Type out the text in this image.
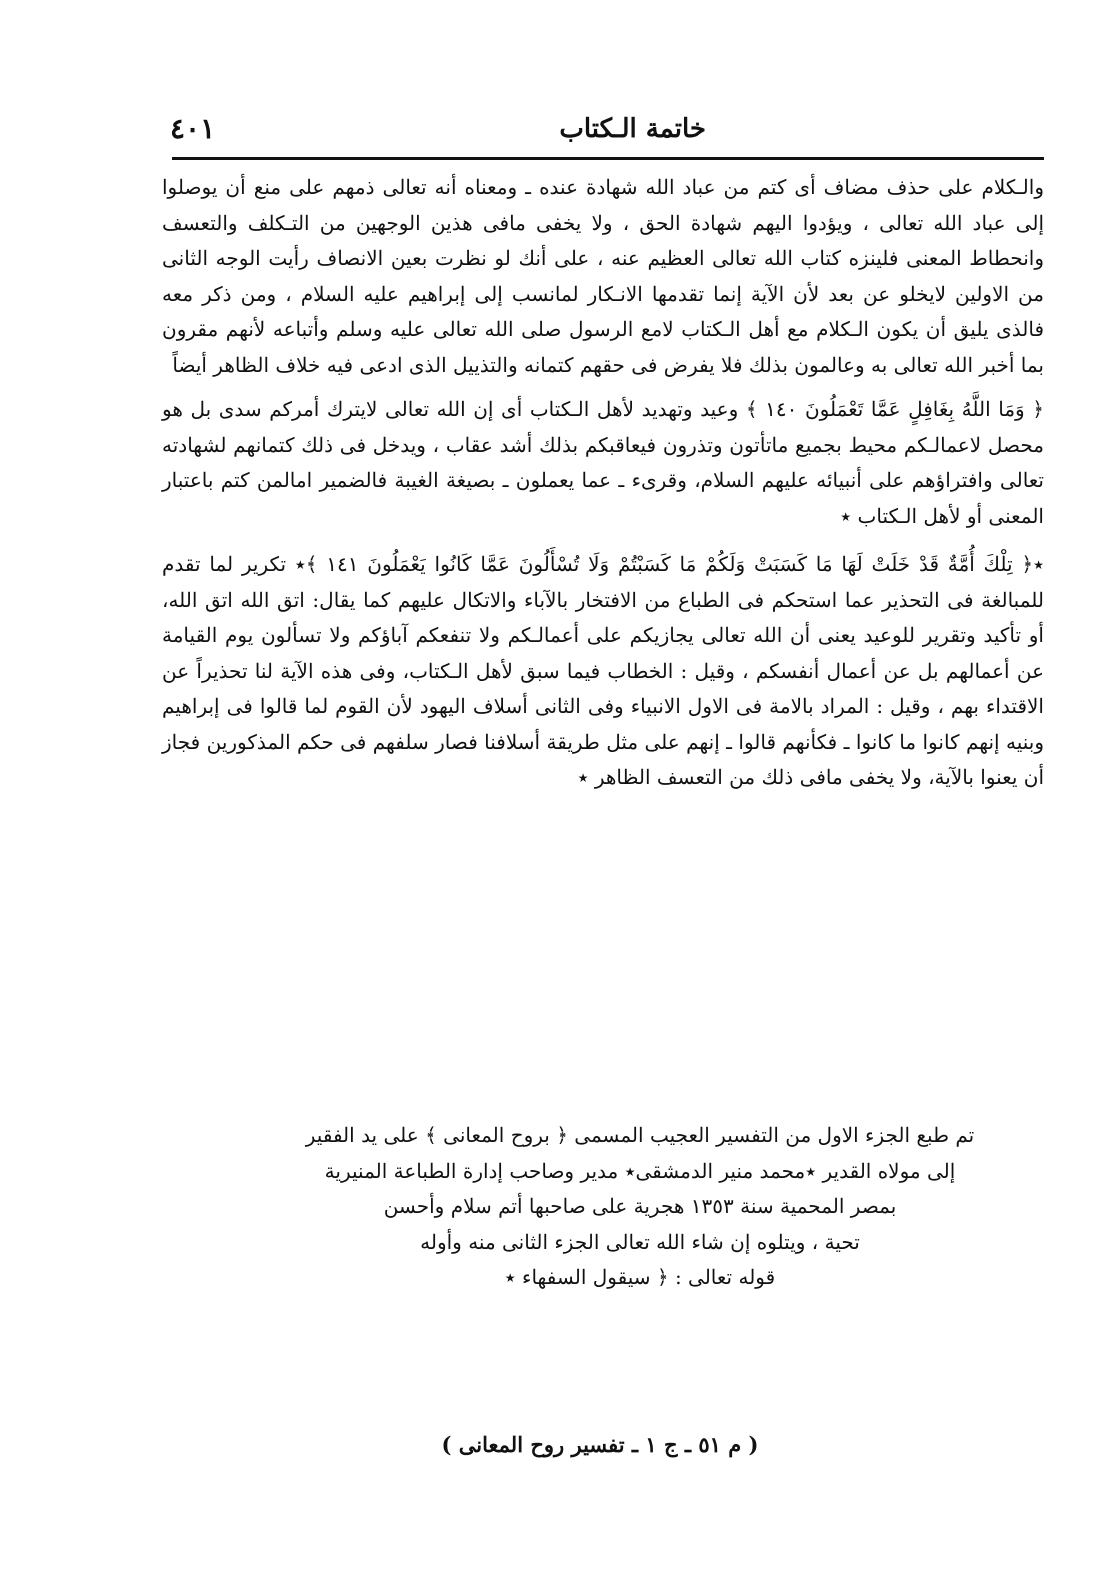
خاتمة الـكتاب
٤٠١

والـكلام على حذف مضاف أى كتم من عباد الله شهادة عنده ـ ومعناه أنه تعالى ذمهم على منع أن يوصلوا إلى عباد الله تعالى ، ويؤدوا اليهم شهادة الحق ، ولا يخفى مافى هذين الوجهين من التـكلف والتعسف وانحطاط المعنى فلينزه كتاب الله تعالى العظيم عنه ، على أنك لو نظرت بعين الانصاف رأيت الوجه الثانى من الاولين لايخلو عن بعد لأن الآية إنما تقدمها الانـكار لمانسب إلى إبراهيم عليه السلام ، ومن ذكر معه فالذى يليق أن يكون الـكلام مع أهل الـكتاب لامع الرسول صلى الله تعالى عليه وسلم وأتباعه لأنهم مقرون بما أخبر الله تعالى به وعالمون بذلك فلا يفرض فى حقهم كتمانه والتذييل الذى ادعى فيه خلاف الظاهر أيضاً

﴿ وَمَا اللَّهُ بِغَافِلٍ عَمَّا تَعْمَلُونَ ١٤٠ ﴾ وعيد وتهديد لأهل الـكتاب أى إن الله تعالى لايترك أمركم سدى بل هو محصل لاعمالـكم محيط بجميع ماتأتون وتذرون فيعاقبكم بذلك أشد عقاب ، ويدخل فى ذلك كتمانهم لشهادته تعالى وافتراؤهم على أنبيائه عليهم السلام، وقرىء ـ عما يعملون ـ بصيغة الغيبة فالضمير امالمن كتم باعتبار المعنى أو لأهل الـكتاب ٭

٭﴿ تِلْكَ أُمَّةٌ قَدْ خَلَتْ لَهَا مَا كَسَبَتْ وَلَكُمْ مَا كَسَبْتُمْ وَلَا تُسْأَلُونَ عَمَّا كَانُوا يَعْمَلُونَ ١٤١ ﴾٭ تكرير لما تقدم للمبالغة فى التحذير عما استحكم فى الطباع من الافتخار بالآباء والاتكال عليهم كما يقال: اتق الله اتق الله، أو تأكيد وتقرير للوعيد يعنى أن الله تعالى يجازيكم على أعمالـكم ولا تنفعكم آباؤكم ولا تسألون يوم القيامة عن أعمالهم بل عن أعمال أنفسكم ، وقيل : الخطاب فيما سبق لأهل الـكتاب، وفى هذه الآية لنا تحذيراً عن الاقتداء بهم ، وقيل : المراد بالامة فى الاول الانبياء وفى الثانى أسلاف اليهود لأن القوم لما قالوا فى إبراهيم وبنيه إنهم كانوا ما كانوا ـ فكأنهم قالوا ـ إنهم على مثل طريقة أسلافنا فصار سلفهم فى حكم المذكورين فجاز أن يعنوا بالآية، ولا يخفى مافى ذلك من التعسف الظاهر ٭

تم طبع الجزء الاول من التفسير العجيب المسمى ﴿ بروح المعانى ﴾ على يد الفقير
إلى مولاه القدير ٭محمد منير الدمشقى٭ مدير وصاحب إدارة الطباعة المنيرية
بمصر المحمية سنة ١٣٥٣ هجرية على صاحبها أتم سلام وأحسن
تحية ، ويتلوه إن شاء الله تعالى الجزء الثانى منه وأوله
قوله تعالى : ﴿ سيقول السفهاء ٭
( م ٥١ ـ ج ١ ـ تفسير روح المعانى )
